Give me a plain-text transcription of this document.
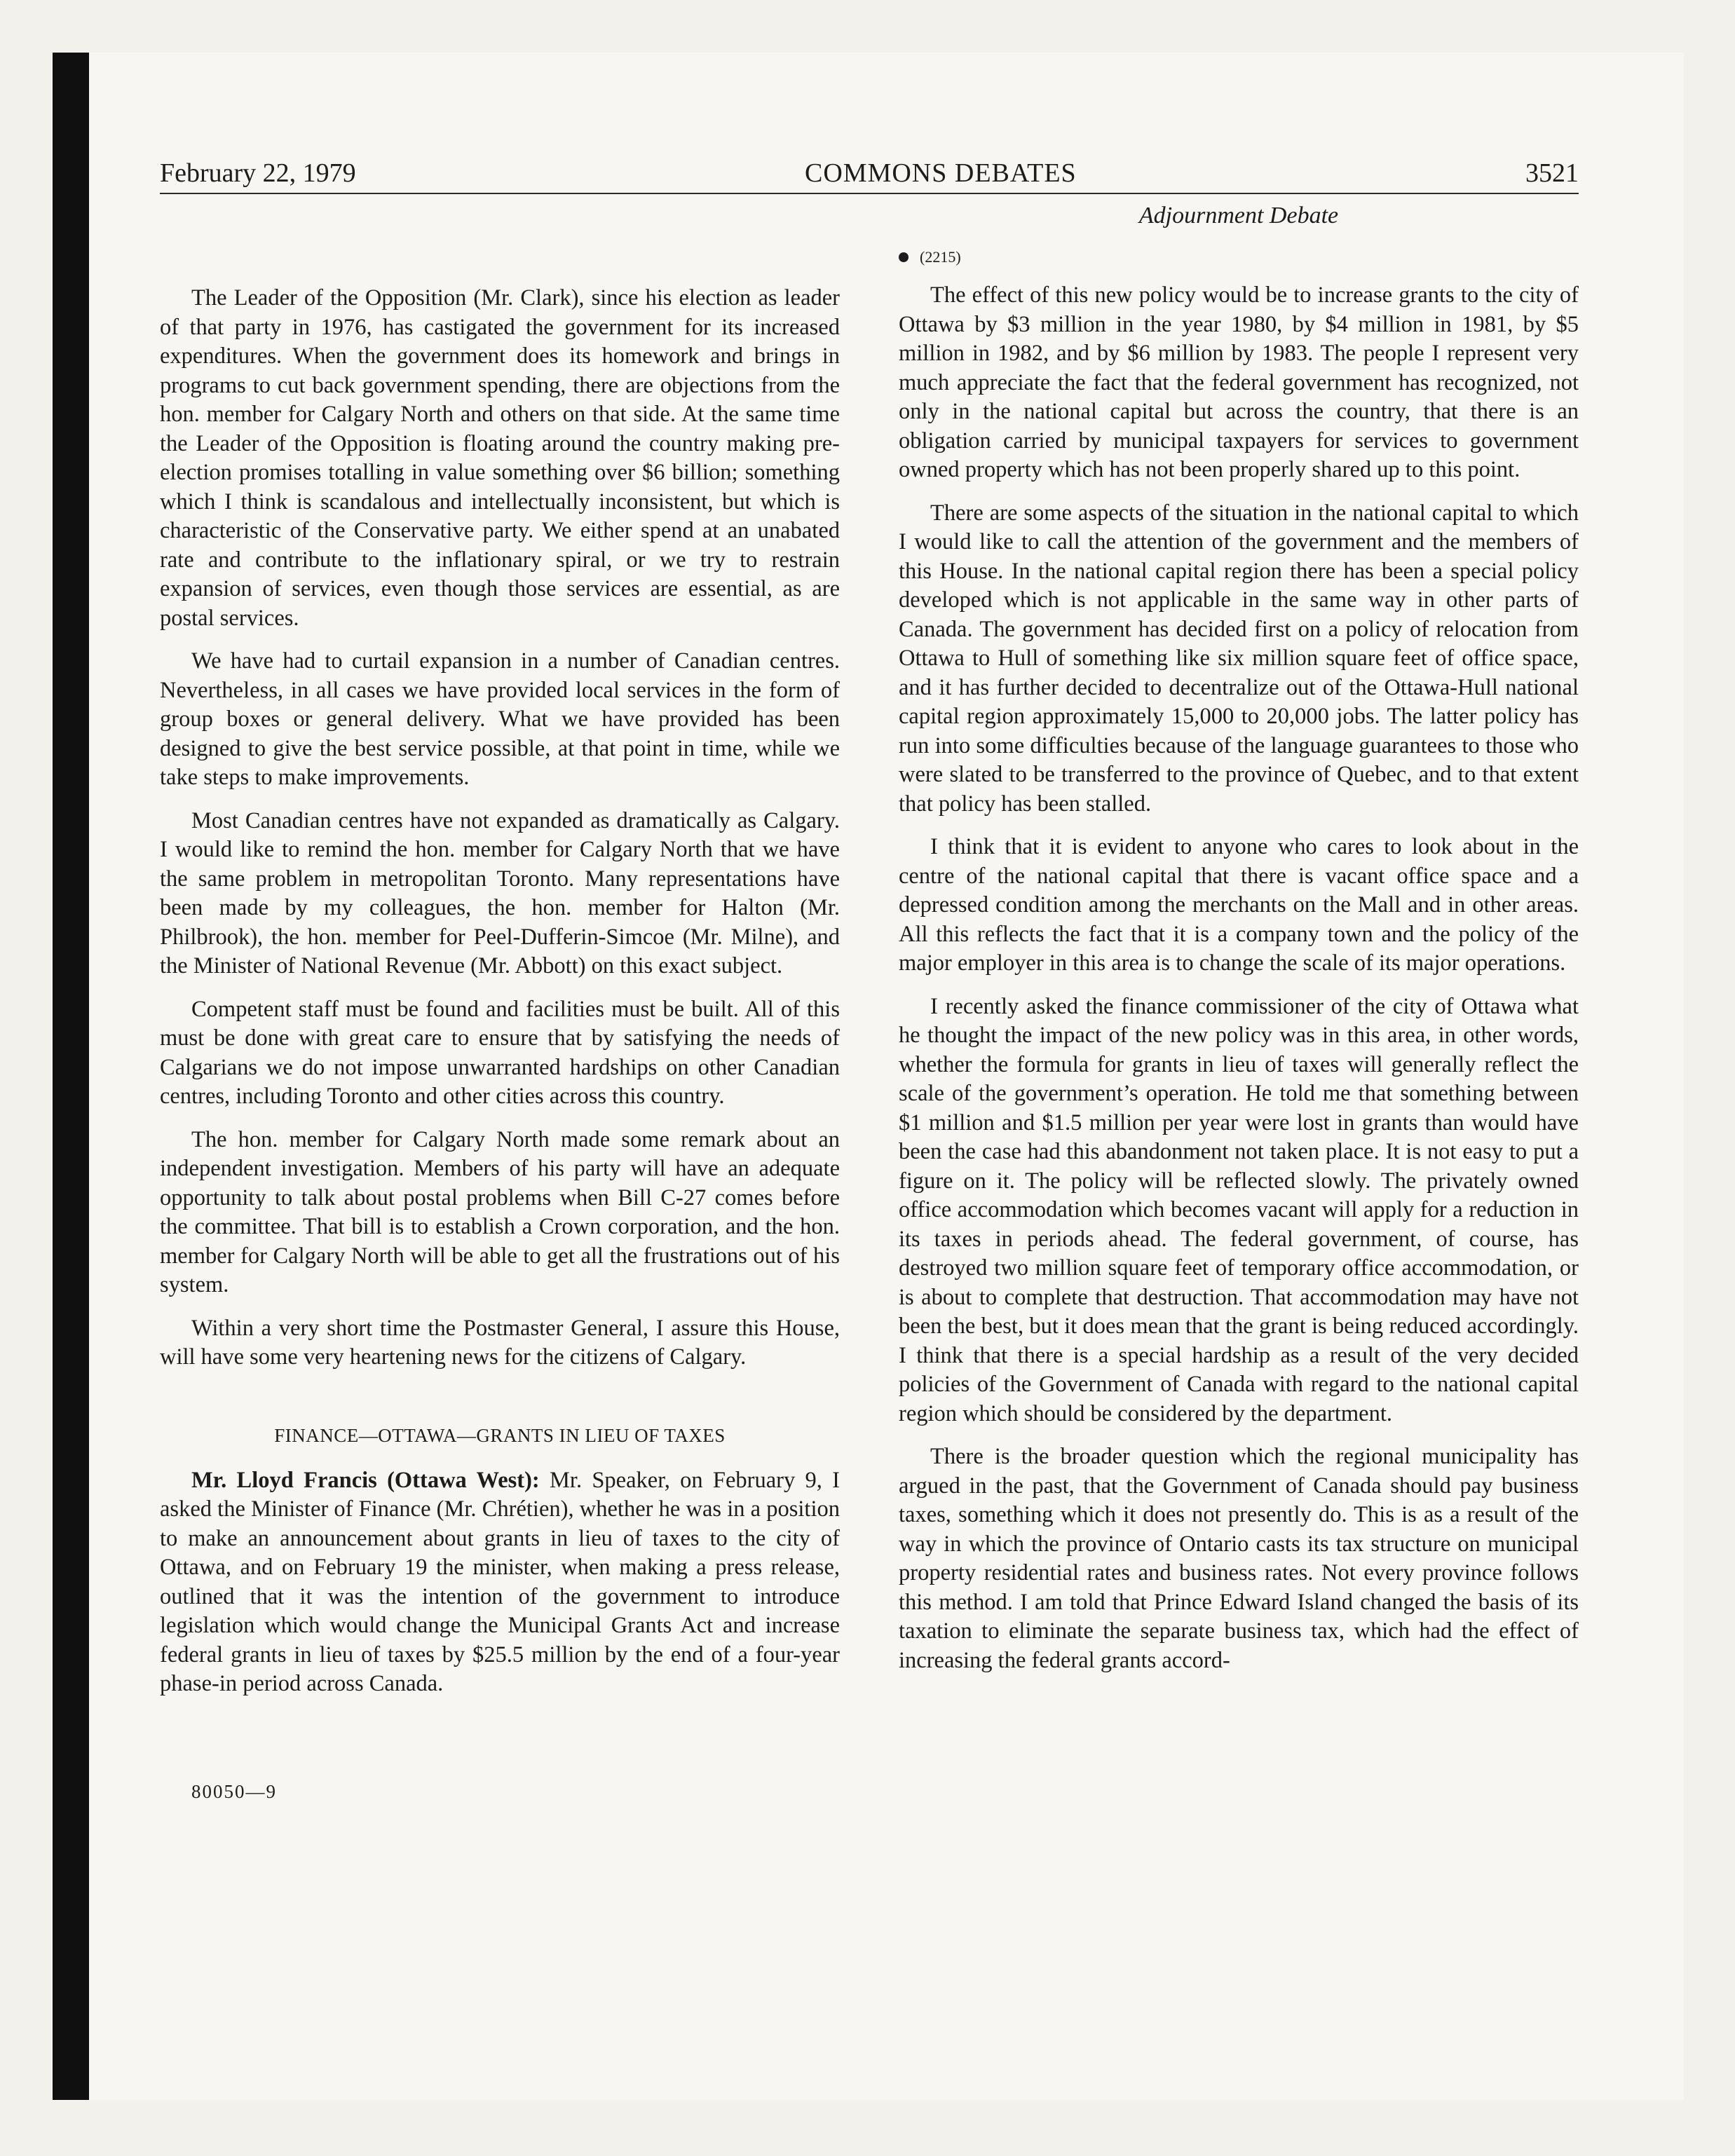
February 22, 1979	COMMONS DEBATES	3521

The Leader of the Opposition (Mr. Clark), since his election as leader of that party in 1976, has castigated the government for its increased expenditures. When the government does its homework and brings in programs to cut back government spending, there are objections from the hon. member for Calgary North and others on that side. At the same time the Leader of the Opposition is floating around the country making pre-election promises totalling in value something over $6 billion; something which I think is scandalous and intellectually inconsistent, but which is characteristic of the Conservative party. We either spend at an unabated rate and contribute to the inflationary spiral, or we try to restrain expansion of services, even though those services are essential, as are postal services.

We have had to curtail expansion in a number of Canadian centres. Nevertheless, in all cases we have provided local services in the form of group boxes or general delivery. What we have provided has been designed to give the best service possible, at that point in time, while we take steps to make improvements.

Most Canadian centres have not expanded as dramatically as Calgary. I would like to remind the hon. member for Calgary North that we have the same problem in metropolitan Toronto. Many representations have been made by my colleagues, the hon. member for Halton (Mr. Philbrook), the hon. member for Peel-Dufferin-Simcoe (Mr. Milne), and the Minister of National Revenue (Mr. Abbott) on this exact subject.

Competent staff must be found and facilities must be built. All of this must be done with great care to ensure that by satisfying the needs of Calgarians we do not impose unwarranted hardships on other Canadian centres, including Toronto and other cities across this country.

The hon. member for Calgary North made some remark about an independent investigation. Members of his party will have an adequate opportunity to talk about postal problems when Bill C-27 comes before the committee. That bill is to establish a Crown corporation, and the hon. member for Calgary North will be able to get all the frustrations out of his system.

Within a very short time the Postmaster General, I assure this House, will have some very heartening news for the citizens of Calgary.

FINANCE—OTTAWA—GRANTS IN LIEU OF TAXES

Mr. Lloyd Francis (Ottawa West): Mr. Speaker, on February 9, I asked the Minister of Finance (Mr. Chrétien), whether he was in a position to make an announcement about grants in lieu of taxes to the city of Ottawa, and on February 19 the minister, when making a press release, outlined that it was the intention of the government to introduce legislation which would change the Municipal Grants Act and increase federal grants in lieu of taxes by $25.5 million by the end of a four-year phase-in period across Canada.

80050—9
Adjournment Debate
(2215)

The effect of this new policy would be to increase grants to the city of Ottawa by $3 million in the year 1980, by $4 million in 1981, by $5 million in 1982, and by $6 million by 1983. The people I represent very much appreciate the fact that the federal government has recognized, not only in the national capital but across the country, that there is an obligation carried by municipal taxpayers for services to government owned property which has not been properly shared up to this point.

There are some aspects of the situation in the national capital to which I would like to call the attention of the government and the members of this House. In the national capital region there has been a special policy developed which is not applicable in the same way in other parts of Canada. The government has decided first on a policy of relocation from Ottawa to Hull of something like six million square feet of office space, and it has further decided to decentralize out of the Ottawa-Hull national capital region approximately 15,000 to 20,000 jobs. The latter policy has run into some difficulties because of the language guarantees to those who were slated to be transferred to the province of Quebec, and to that extent that policy has been stalled.

I think that it is evident to anyone who cares to look about in the centre of the national capital that there is vacant office space and a depressed condition among the merchants on the Mall and in other areas. All this reflects the fact that it is a company town and the policy of the major employer in this area is to change the scale of its major operations.

I recently asked the finance commissioner of the city of Ottawa what he thought the impact of the new policy was in this area, in other words, whether the formula for grants in lieu of taxes will generally reflect the scale of the government’s operation. He told me that something between $1 million and $1.5 million per year were lost in grants than would have been the case had this abandonment not taken place. It is not easy to put a figure on it. The policy will be reflected slowly. The privately owned office accommodation which becomes vacant will apply for a reduction in its taxes in periods ahead. The federal government, of course, has destroyed two million square feet of temporary office accommodation, or is about to complete that destruction. That accommodation may have not been the best, but it does mean that the grant is being reduced accordingly. I think that there is a special hardship as a result of the very decided policies of the Government of Canada with regard to the national capital region which should be considered by the department.

There is the broader question which the regional municipality has argued in the past, that the Government of Canada should pay business taxes, something which it does not presently do. This is as a result of the way in which the province of Ontario casts its tax structure on municipal property residential rates and business rates. Not every province follows this method. I am told that Prince Edward Island changed the basis of its taxation to eliminate the separate business tax, which had the effect of increasing the federal grants accord-
